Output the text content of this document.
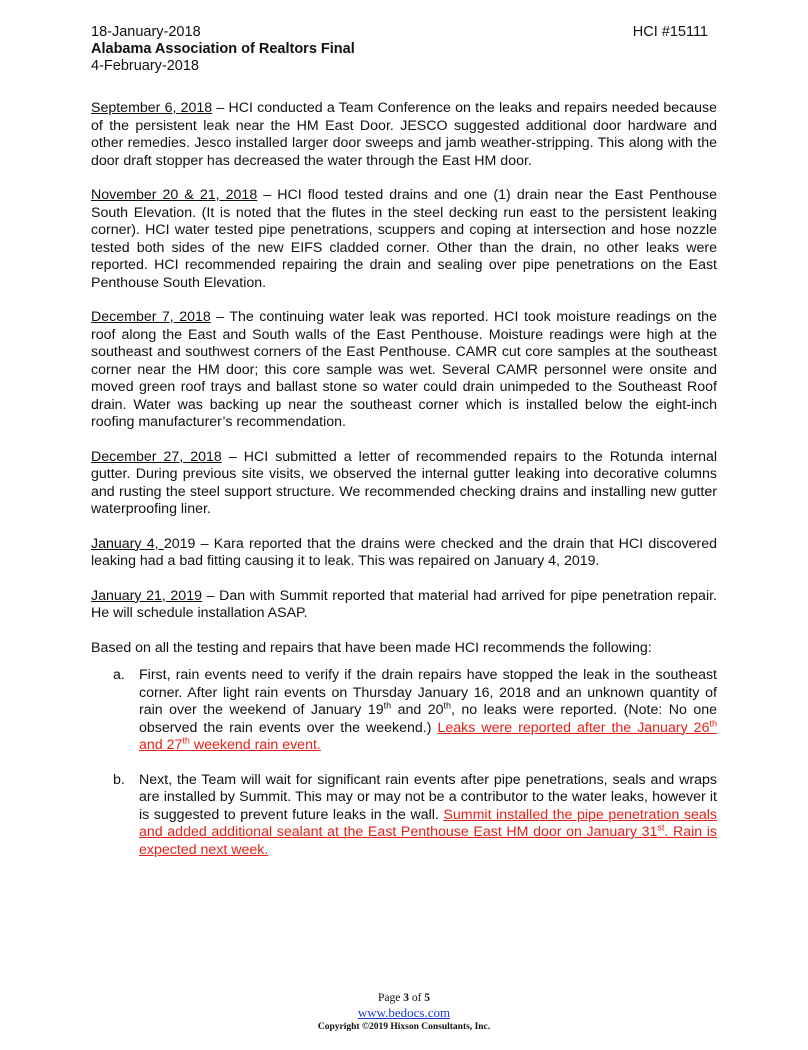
18-January-2018
Alabama Association of Realtors Final
4-February-2018
HCI #15111

September 6, 2018 – HCI conducted a Team Conference on the leaks and repairs needed because of the persistent leak near the HM East Door. JESCO suggested additional door hardware and other remedies. Jesco installed larger door sweeps and jamb weather-stripping. This along with the door draft stopper has decreased the water through the East HM door.

November 20 & 21, 2018 – HCI flood tested drains and one (1) drain near the East Penthouse South Elevation. (It is noted that the flutes in the steel decking run east to the persistent leaking corner). HCI water tested pipe penetrations, scuppers and coping at intersection and hose nozzle tested both sides of the new EIFS cladded corner. Other than the drain, no other leaks were reported. HCI recommended repairing the drain and sealing over pipe penetrations on the East Penthouse South Elevation.

December 7, 2018 – The continuing water leak was reported. HCI took moisture readings on the roof along the East and South walls of the East Penthouse. Moisture readings were high at the southeast and southwest corners of the East Penthouse. CAMR cut core samples at the southeast corner near the HM door; this core sample was wet. Several CAMR personnel were onsite and moved green roof trays and ballast stone so water could drain unimpeded to the Southeast Roof drain. Water was backing up near the southeast corner which is installed below the eight-inch roofing manufacturer’s recommendation.

December 27, 2018 – HCI submitted a letter of recommended repairs to the Rotunda internal gutter. During previous site visits, we observed the internal gutter leaking into decorative columns and rusting the steel support structure. We recommended checking drains and installing new gutter waterproofing liner.

January 4, 2019 – Kara reported that the drains were checked and the drain that HCI discovered leaking had a bad fitting causing it to leak. This was repaired on January 4, 2019.

January 21, 2019 – Dan with Summit reported that material had arrived for pipe penetration repair. He will schedule installation ASAP.

Based on all the testing and repairs that have been made HCI recommends the following:

a. First, rain events need to verify if the drain repairs have stopped the leak in the southeast corner. After light rain events on Thursday January 16, 2018 and an unknown quantity of rain over the weekend of January 19th and 20th, no leaks were reported. (Note: No one observed the rain events over the weekend.) Leaks were reported after the January 26th and 27th weekend rain event.
b. Next, the Team will wait for significant rain events after pipe penetrations, seals and wraps are installed by Summit. This may or may not be a contributor to the water leaks, however it is suggested to prevent future leaks in the wall. Summit installed the pipe penetration seals and added additional sealant at the East Penthouse East HM door on January 31st. Rain is expected next week.
Page 3 of 5
www.bedocs.com
Copyright ©2019 Hixson Consultants, Inc.
